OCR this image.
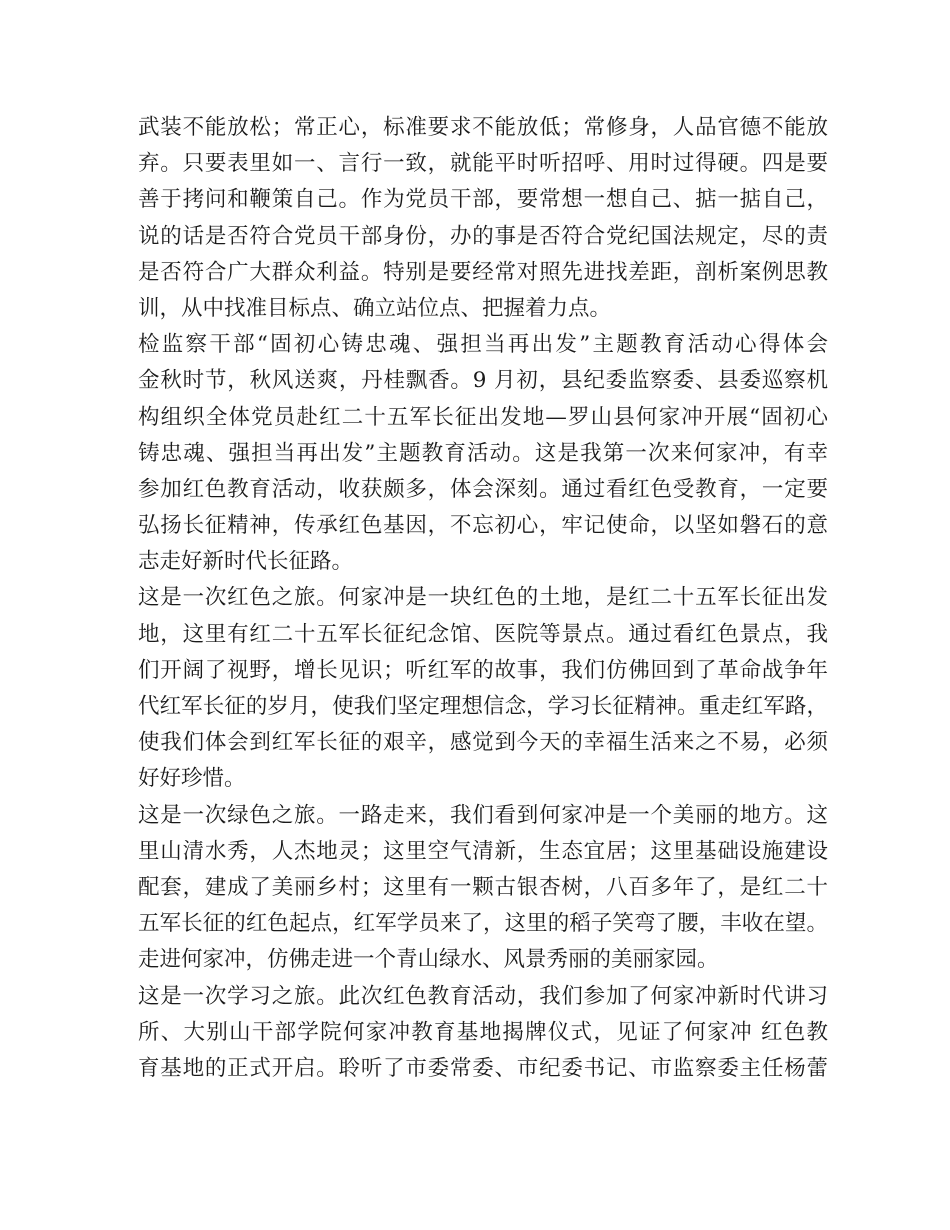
武装不能放松；常正心，标准要求不能放低；常修身，人品官德不能放
弃。只要表里如一、言行一致，就能平时听招呼、用时过得硬。四是要
善于拷问和鞭策自己。作为党员干部，要常想一想自己、掂一掂自己，
说的话是否符合党员干部身份，办的事是否符合党纪国法规定，尽的责
是否符合广大群众利益。特别是要经常对照先进找差距，剖析案例思教
训，从中找准目标点、确立站位点、把握着力点。
检监察干部“固初心铸忠魂、强担当再出发”主题教育活动心得体会
金秋时节，秋风送爽，丹桂飘香。9 月初，县纪委监察委、县委巡察机
构组织全体党员赴红二十五军长征出发地—罗山县何家冲开展“固初心
铸忠魂、强担当再出发”主题教育活动。这是我第一次来何家冲，有幸
参加红色教育活动，收获颇多，体会深刻。通过看红色受教育，一定要
弘扬长征精神，传承红色基因，不忘初心，牢记使命，以坚如磐石的意
志走好新时代长征路。
这是一次红色之旅。何家冲是一块红色的土地，是红二十五军长征出发
地，这里有红二十五军长征纪念馆、医院等景点。通过看红色景点，我
们开阔了视野，增长见识；听红军的故事，我们仿佛回到了革命战争年
代红军长征的岁月，使我们坚定理想信念，学习长征精神。重走红军路，
使我们体会到红军长征的艰辛，感觉到今天的幸福生活来之不易，必须
好好珍惜。
这是一次绿色之旅。一路走来，我们看到何家冲是一个美丽的地方。这
里山清水秀，人杰地灵；这里空气清新，生态宜居；这里基础设施建设
配套，建成了美丽乡村；这里有一颗古银杏树，八百多年了，是红二十
五军长征的红色起点，红军学员来了，这里的稻子笑弯了腰，丰收在望。
走进何家冲，仿佛走进一个青山绿水、风景秀丽的美丽家园。
这是一次学习之旅。此次红色教育活动，我们参加了何家冲新时代讲习
所、大别山干部学院何家冲教育基地揭牌仪式，见证了何家冲 红色教
育基地的正式开启。聆听了市委常委、市纪委书记、市监察委主任杨蕾
